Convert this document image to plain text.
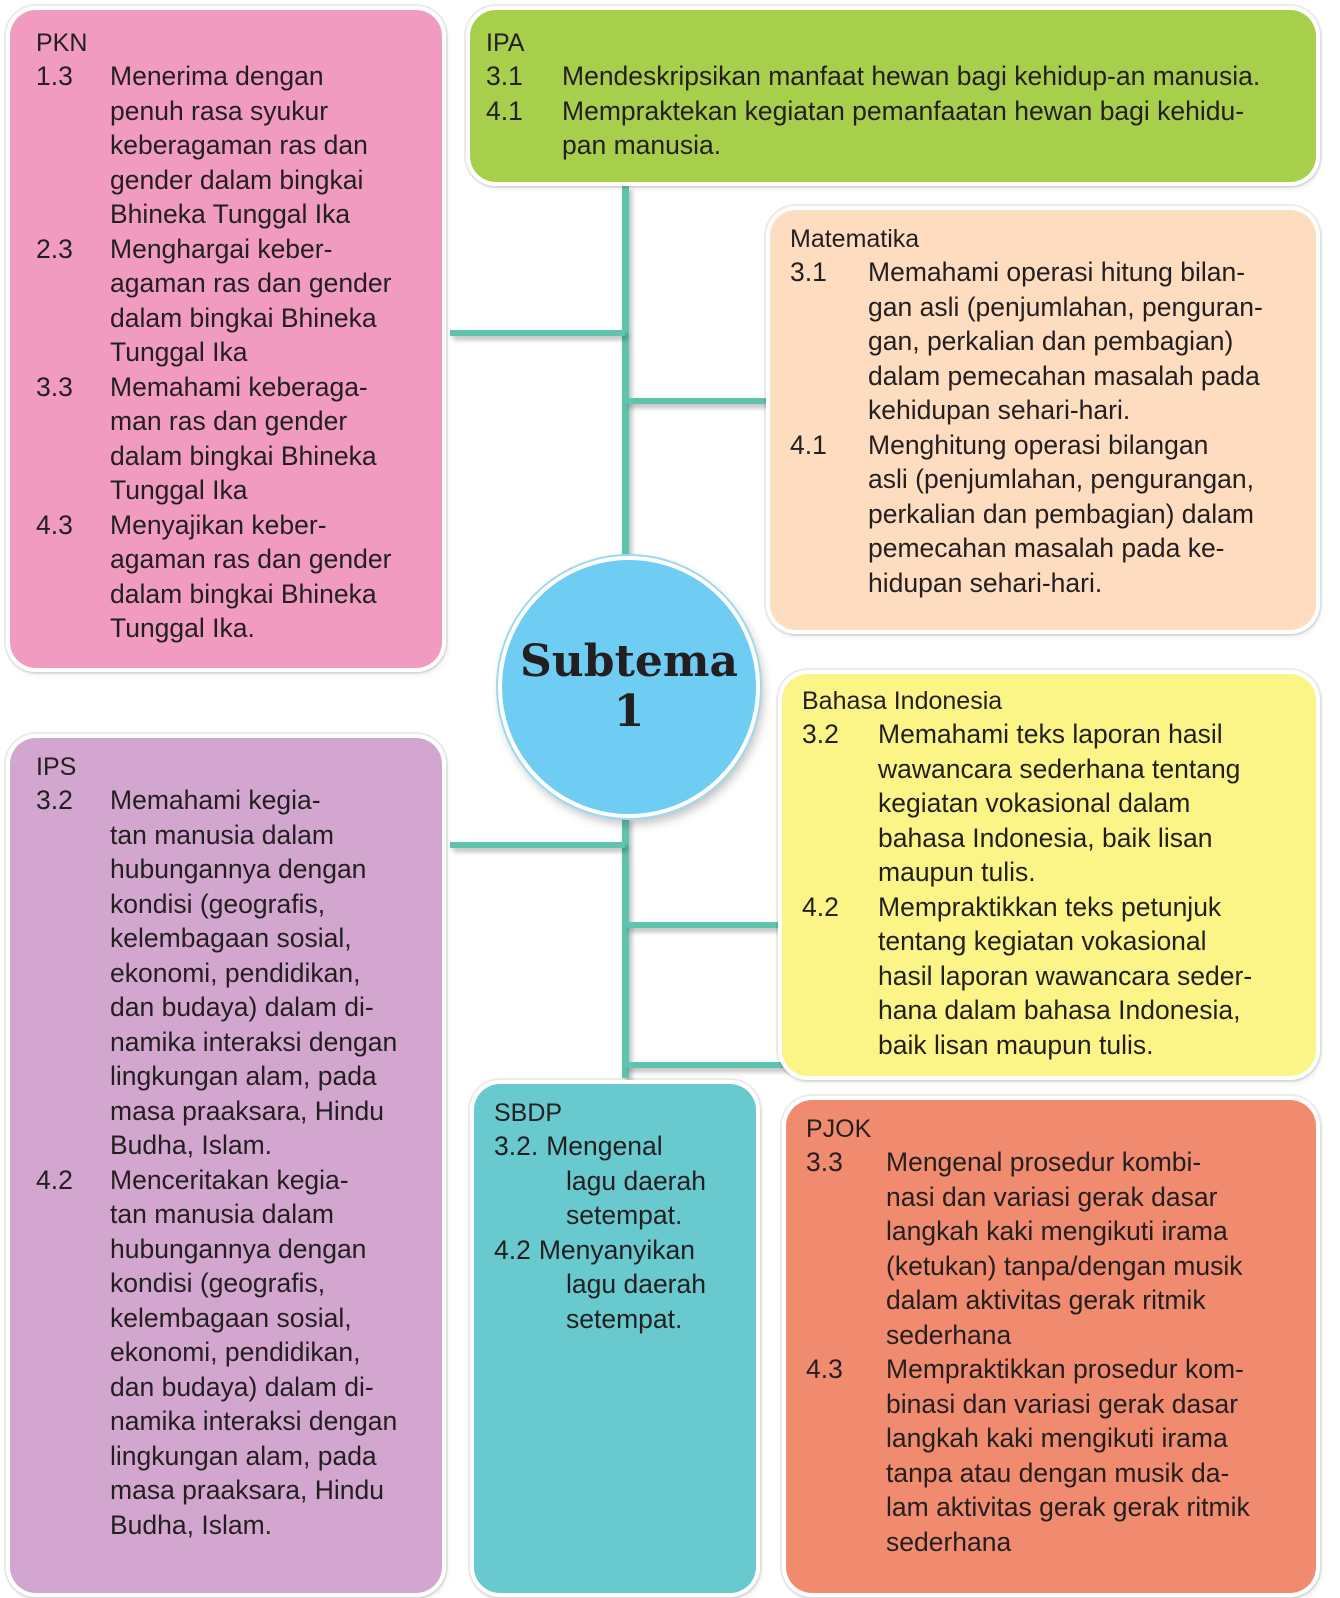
PKN
1.3	Menerima dengan
penuh rasa syukur
keberagaman ras dan
gender dalam bingkai
Bhineka Tunggal Ika
2.3	Menghargai keber-
agaman ras dan gender
dalam bingkai Bhineka
Tunggal Ika
3.3	Memahami keberaga-
man ras dan gender
dalam bingkai Bhineka
Tunggal Ika
4.3	Menyajikan keber-
agaman ras dan gender
dalam bingkai Bhineka
Tunggal Ika.
IPA
3.1	Mendeskripsikan manfaat hewan bagi kehidup-an manusia.
4.1	Mempraktekan kegiatan pemanfaatan hewan bagi kehidu-
pan manusia.
Matematika
3.1	Memahami operasi hitung bilan-
gan asli (penjumlahan, penguran-
gan, perkalian dan pembagian)
dalam pemecahan masalah pada
kehidupan sehari-hari.
4.1	Menghitung operasi bilangan
asli (penjumlahan, pengurangan,
perkalian dan pembagian) dalam
pemecahan masalah pada ke-
hidupan sehari-hari.
Bahasa Indonesia
3.2	Memahami teks laporan hasil
wawancara sederhana tentang
kegiatan vokasional dalam
bahasa Indonesia, baik lisan
maupun tulis.
4.2	Mempraktikkan teks petunjuk
tentang kegiatan vokasional
hasil laporan wawancara seder-
hana dalam bahasa Indonesia,
baik lisan maupun tulis.
IPS
3.2	Memahami kegia-
tan manusia dalam
hubungannya dengan
kondisi (geografis,
kelembagaan sosial,
ekonomi, pendidikan,
dan budaya) dalam di-
namika interaksi dengan
lingkungan alam, pada
masa praaksara, Hindu
Budha, Islam.
4.2	Menceritakan kegia-
tan manusia dalam
hubungannya dengan
kondisi (geografis,
kelembagaan sosial,
ekonomi, pendidikan,
dan budaya) dalam di-
namika interaksi dengan
lingkungan alam, pada
masa praaksara, Hindu
Budha, Islam.
SBDP
3.2. Mengenal
lagu daerah
setempat.
4.2 Menyanyikan
lagu daerah
setempat.
PJOK
3.3	Mengenal prosedur kombi-
nasi dan variasi gerak dasar
langkah kaki mengikuti irama
(ketukan) tanpa/dengan musik
dalam aktivitas gerak ritmik
sederhana
4.3	Mempraktikkan prosedur kom-
binasi dan variasi gerak dasar
langkah kaki mengikuti irama
tanpa atau dengan musik da-
lam aktivitas gerak gerak ritmik
sederhana
Subtema
1
